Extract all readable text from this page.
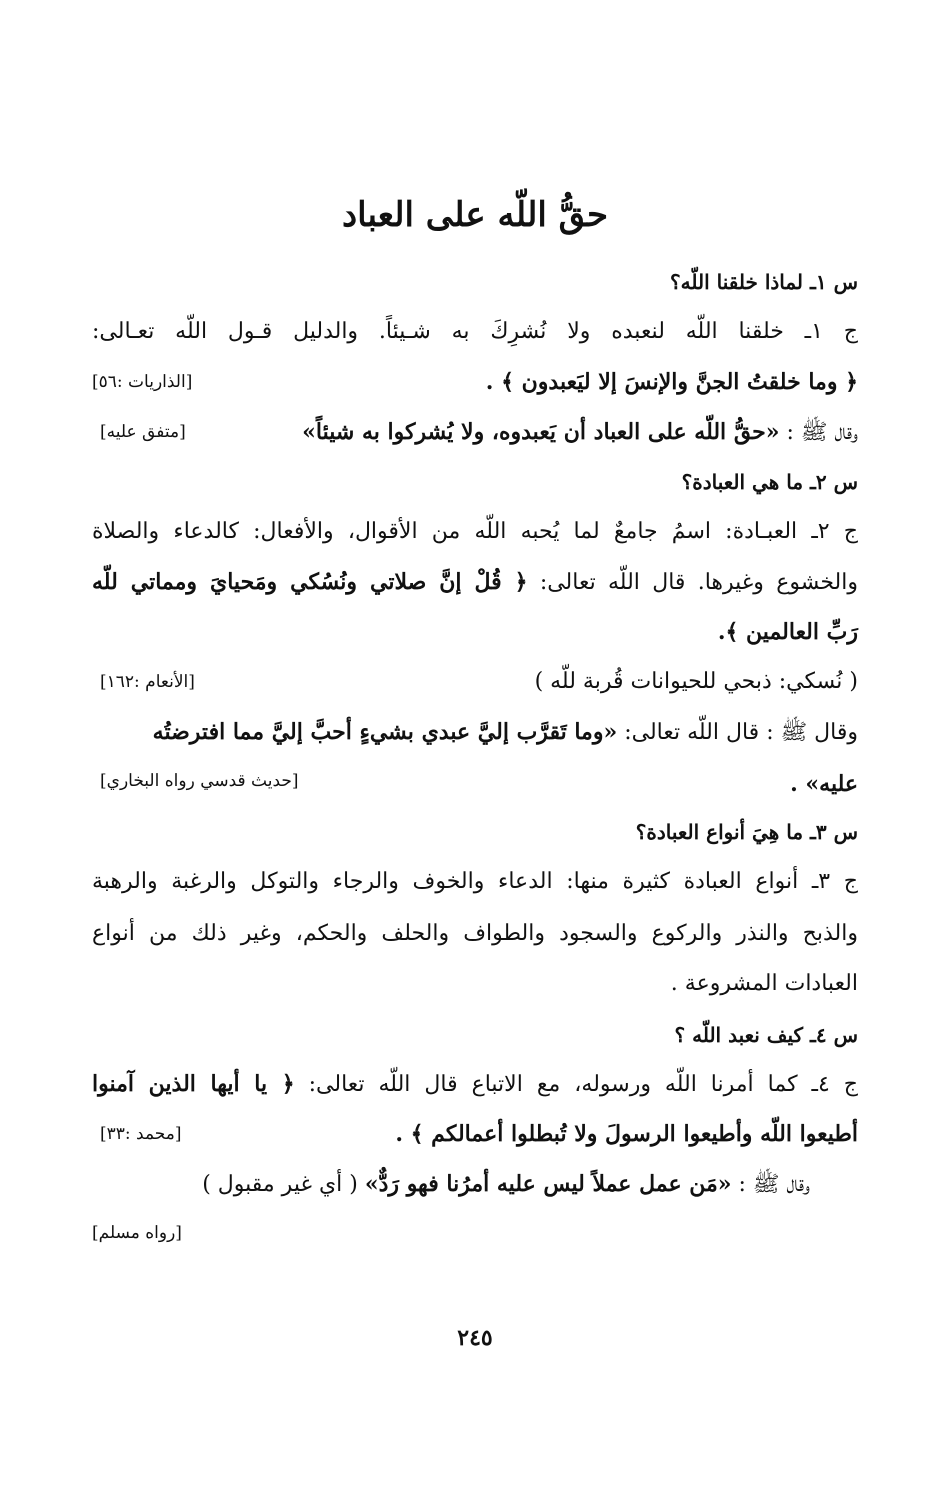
حقُّ اللّه على العباد
س ١ـ لماذا خلقنا اللّه؟
ج ١ـ خلقنا اللّه لنعبده ولا نُشرِكَ به شـيئاً. والدليل قـول اللّه تعـالى:
﴿ وما خلقتُ الجنَّ والإنسَ إلا ليَعبدون ﴾ .
[الذاريات :٥٦]
وقال ﷺ : «حقُّ اللّه على العباد أن يَعبدوه، ولا يُشركوا به شيئاً»
[متفق عليه]
س ٢ـ ما هي العبادة؟
ج ٢ـ العبـادة: اسمُ جامعٌ لما يُحبه اللّه من الأقوال، والأفعال: كالدعاء والصلاة
والخشوع وغيرها. قال اللّه تعالى: ﴿ قُلْ إنَّ صلاتي ونُسُكي ومَحيايَ ومماتي للّه
رَبِّ العالمين ﴾.
( نُسكي: ذبحي للحيوانات قُربة للّه )
[الأنعام :١٦٢]
وقال ﷺ : قال اللّه تعالى: «وما تَقرَّب إليَّ عبدي بشيءٍ أحبَّ إليَّ مما افترضتُه
عليه» .
[حديث قدسي رواه البخاري]
س ٣ـ ما هِيَ أنواع العبادة؟
ج ٣ـ أنواع العبادة كثيرة منها: الدعاء والخوف والرجاء والتوكل والرغبة والرهبة
والذبح والنذر والركوع والسجود والطواف والحلف والحكم، وغير ذلك من أنواع
العبادات المشروعة .
س ٤ـ كيف نعبد اللّه ؟
ج ٤ـ كما أمرنا اللّه ورسوله، مع الاتباع قال اللّه تعالى: ﴿ يا أيها الذين آمنوا
أطيعوا اللّه وأطيعوا الرسولَ ولا تُبطلوا أعمالكم ﴾ .
[محمد :٣٣]
وقال ﷺ : «مَن عمل عملاً ليس عليه أمرُنا فهو رَدٌّ» ( أي غير مقبول )
[رواه مسلم]
٢٤٥
